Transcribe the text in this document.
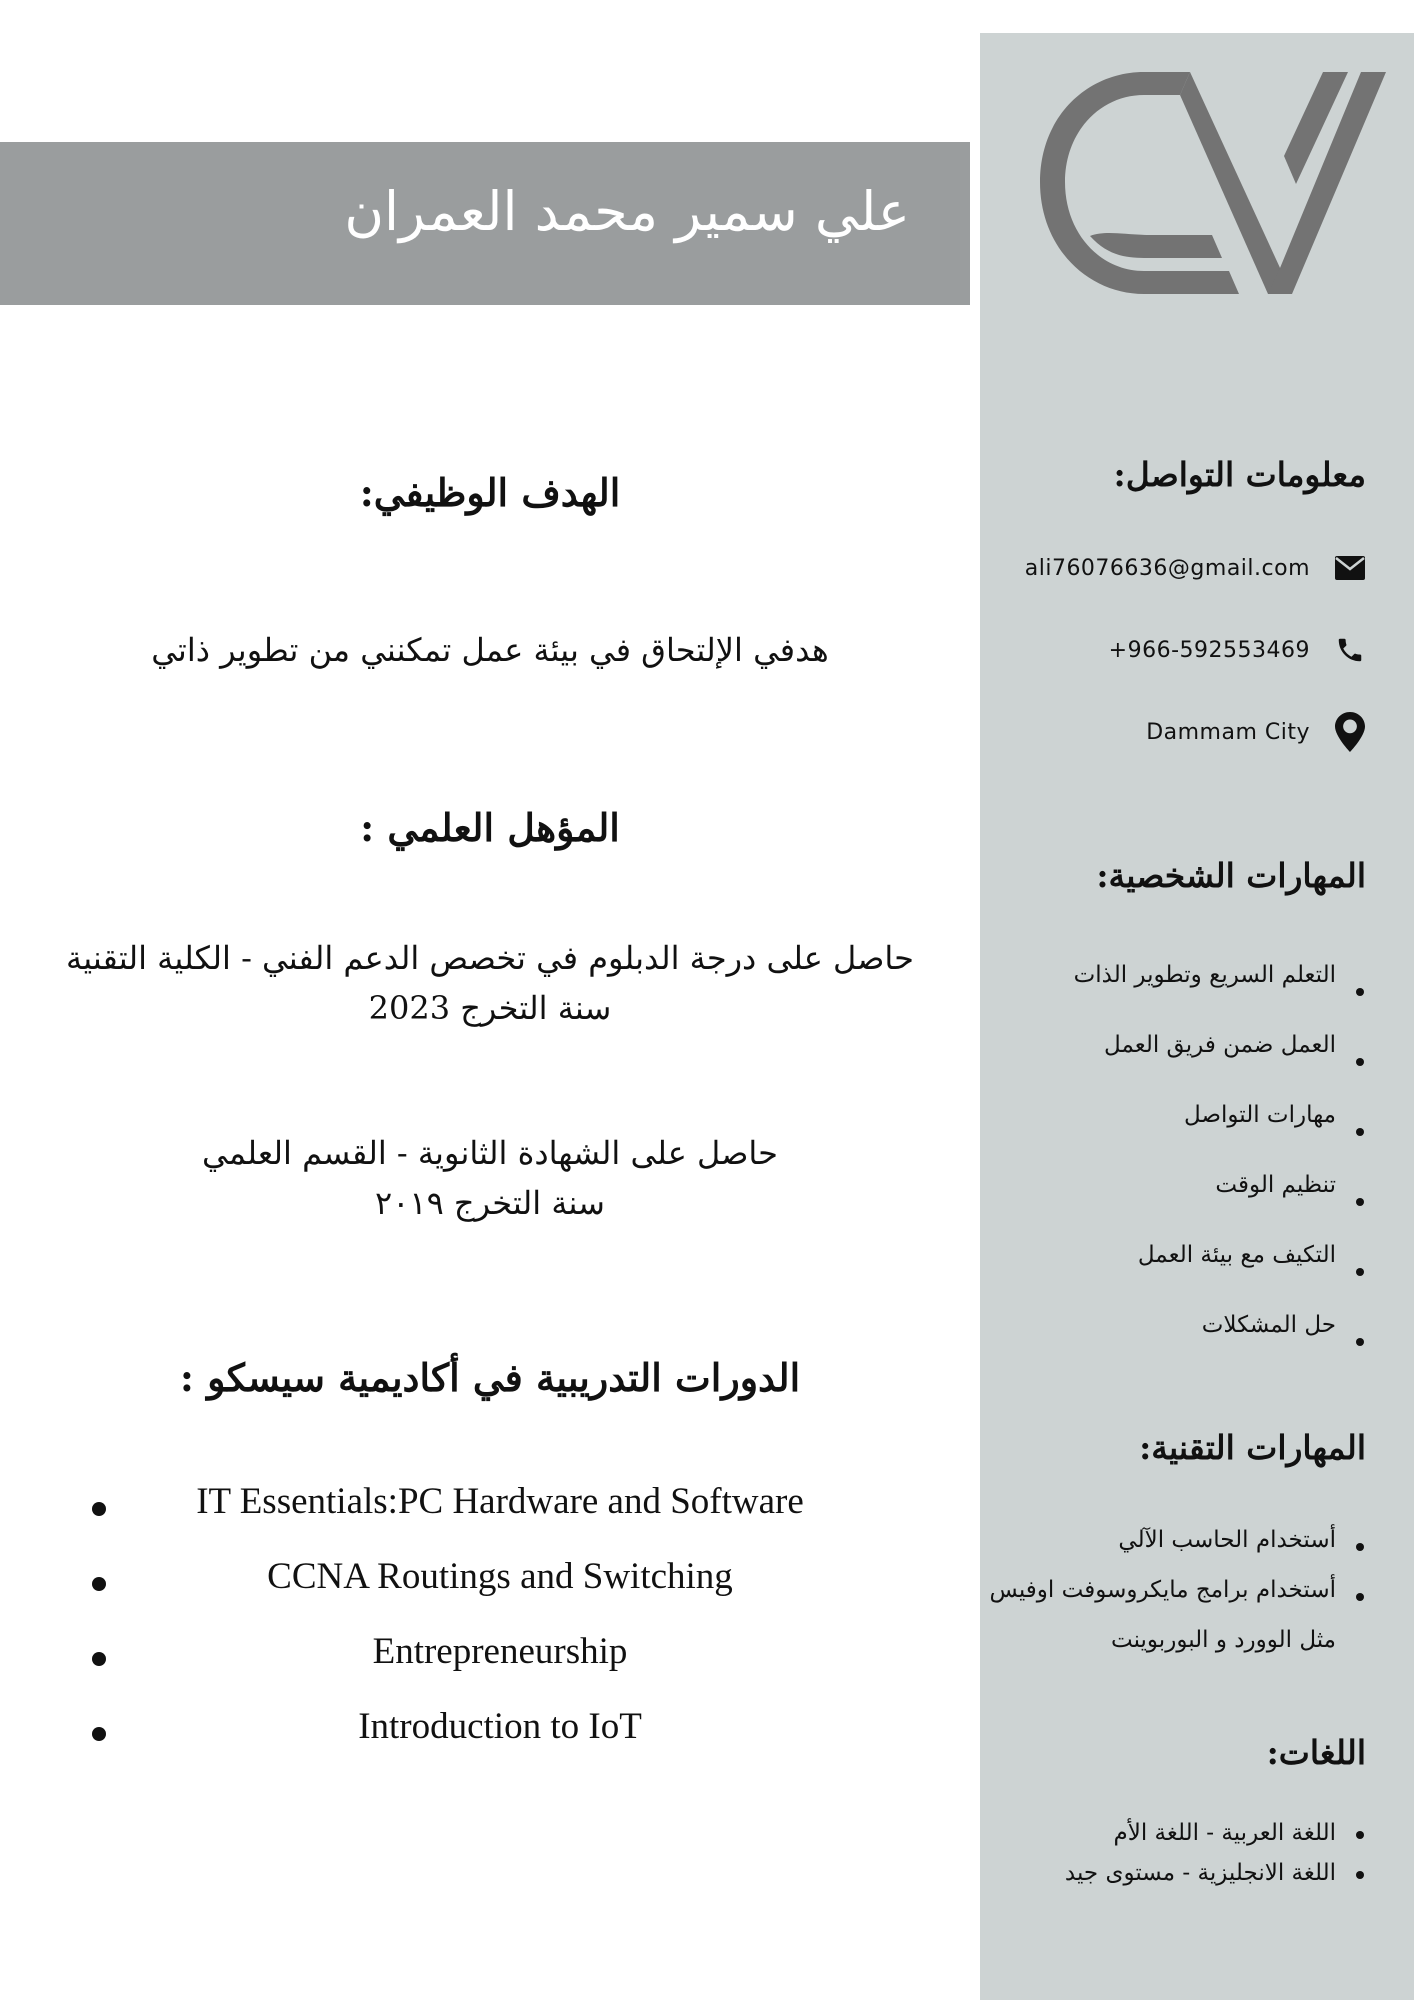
علي سمير محمد العمران
الهدف الوظيفي:

هدفي الإلتحاق في بيئة عمل تمكنني من تطوير ذاتي

المؤهل العلمي :

حاصل على درجة الدبلوم في تخصص الدعم الفني - الكلية التقنية

سنة التخرج 2023

حاصل على الشهادة الثانوية - القسم العلمي

سنة التخرج ٢٠١٩

الدورات التدريبية في أكاديمية سيسكو :
IT Essentials:PC Hardware and Software
CCNA Routings and Switching
Entrepreneurship
Introduction to IoT
معلومات التواصل:
ali76076636@gmail.com
+966-592553469
Dammam City
المهارات الشخصية:
التعلم السريع وتطوير الذات
العمل ضمن فريق العمل
مهارات التواصل
تنظيم الوقت
التكيف مع بيئة العمل
حل المشكلات
المهارات التقنية:
أستخدام الحاسب الآلي
أستخدام برامج مايكروسوفت اوفيس
مثل الوورد و البوربوينت
اللغات:
اللغة العربية - اللغة الأم
اللغة الانجليزية - مستوى جيد
